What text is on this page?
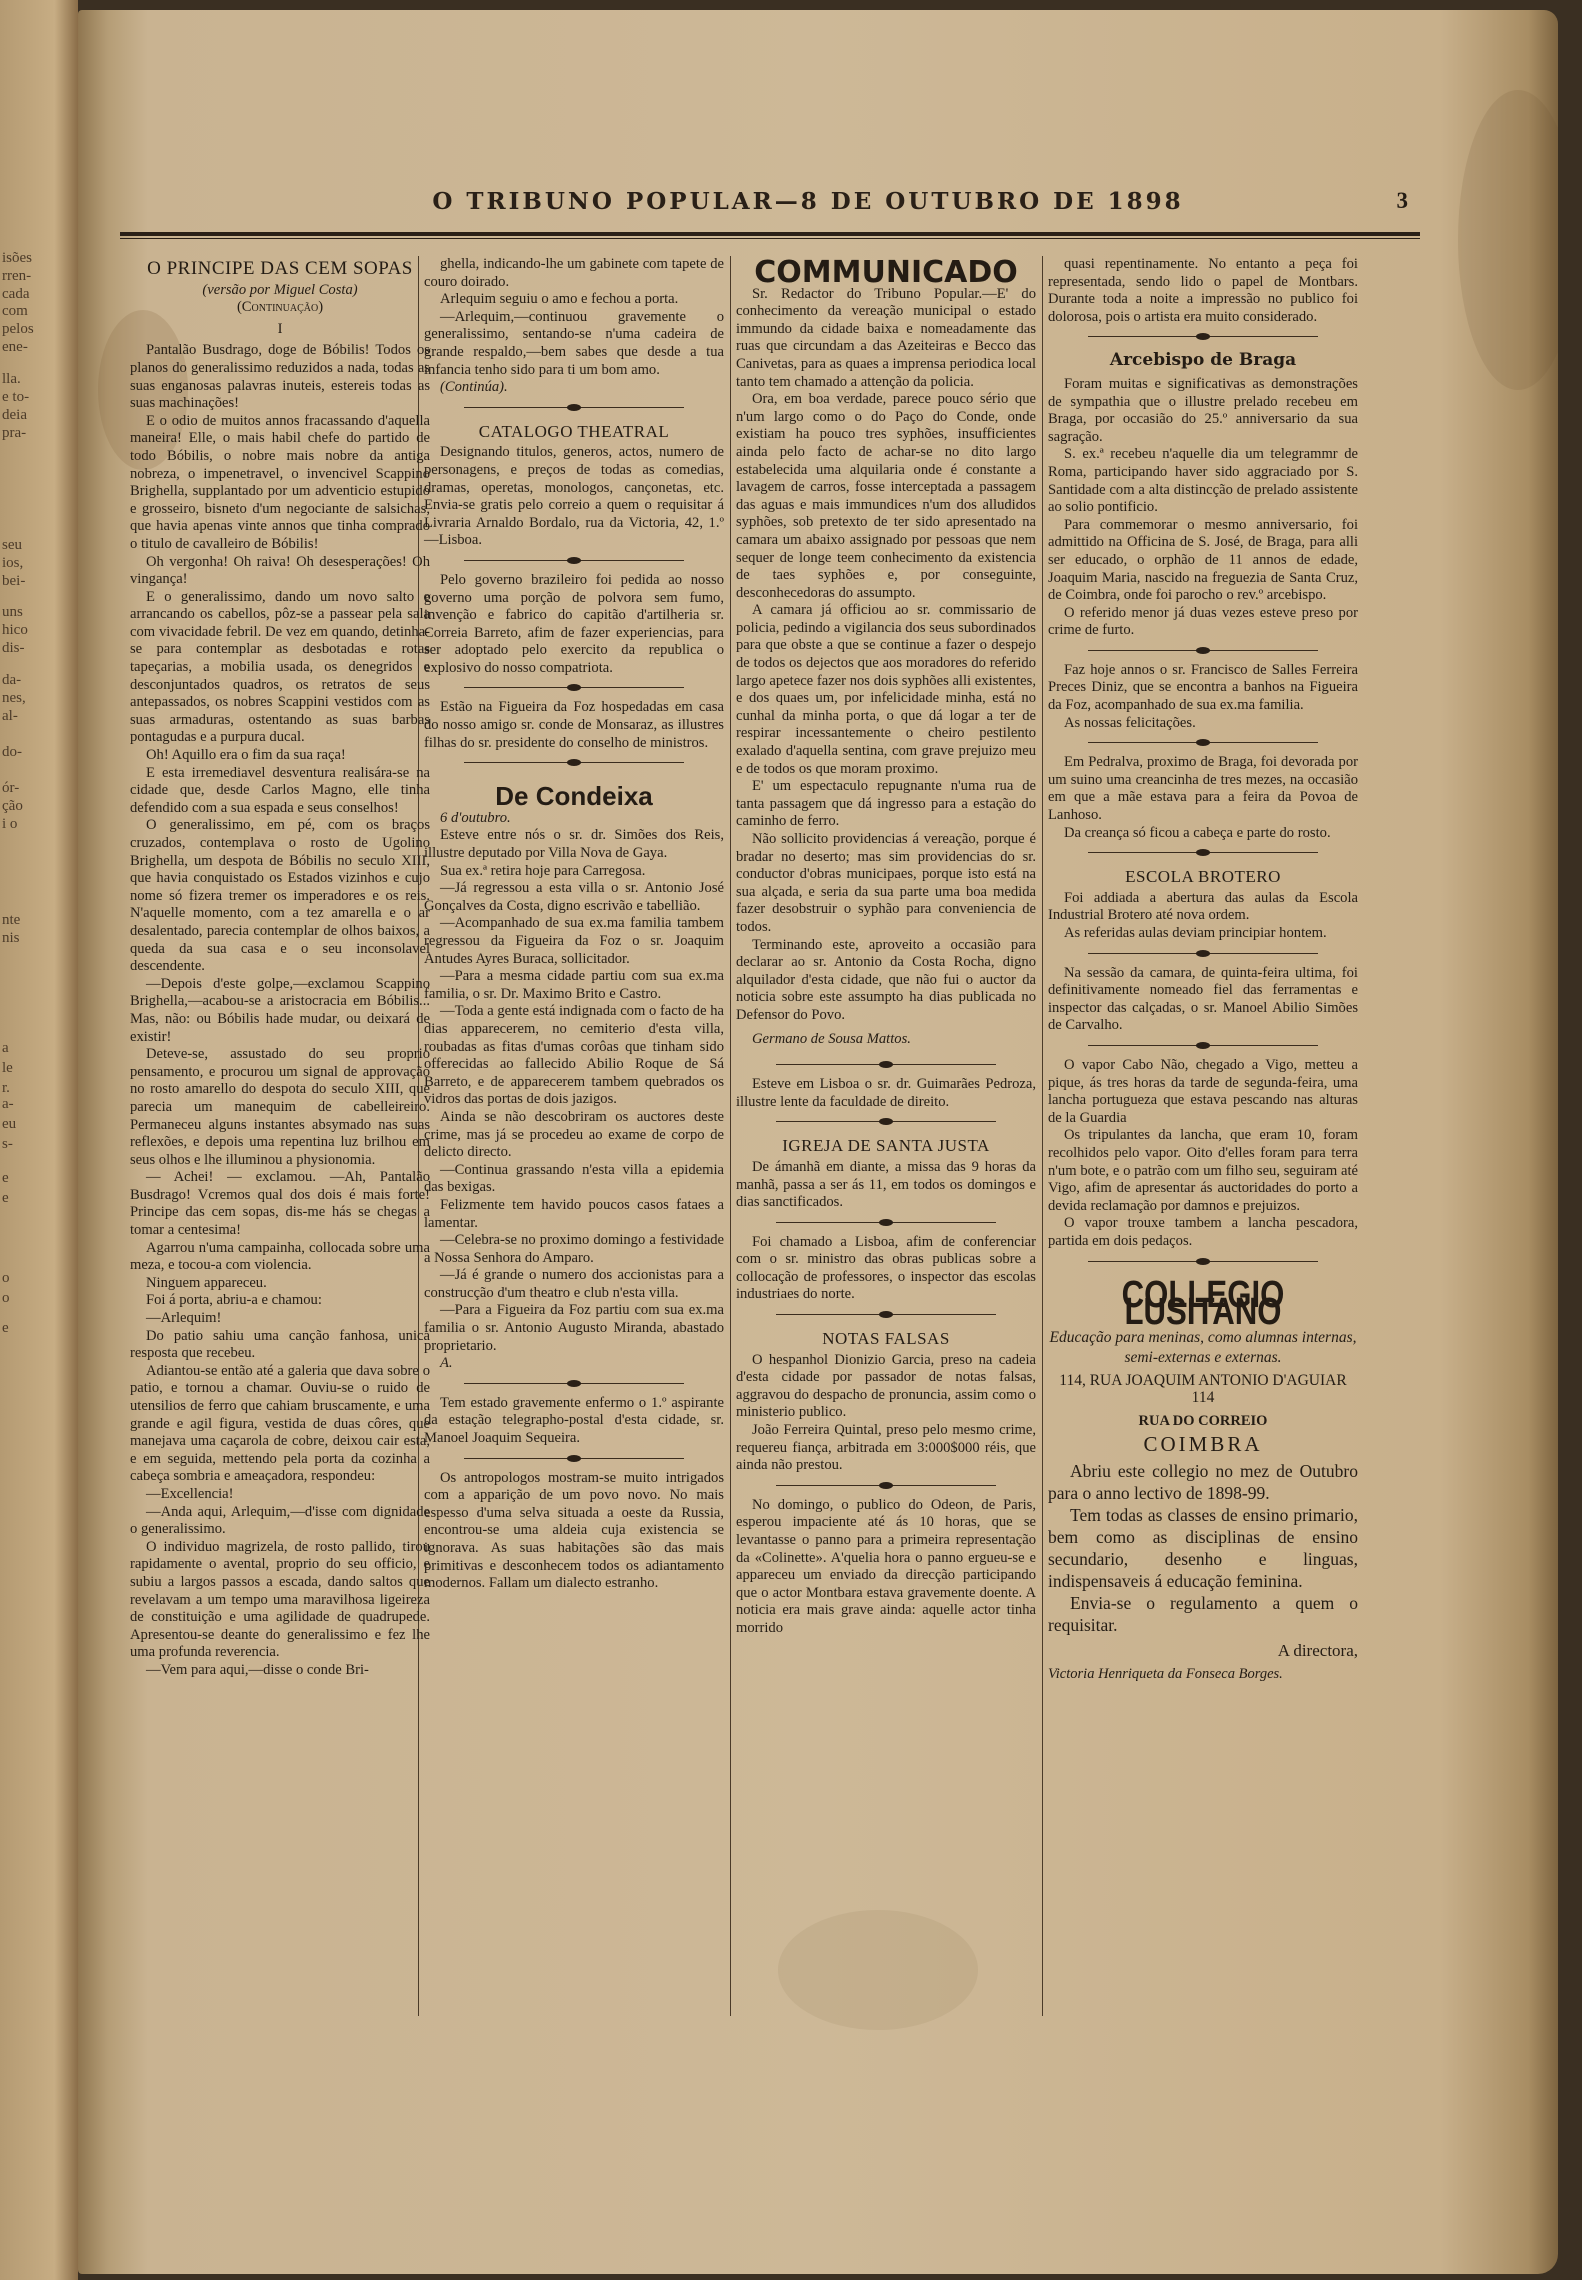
isões
rren-
cada
com
pelos
ene-
lla.
e to-
deia
pra-
seu
ios,
bei-
uns
hico
dis-
da-
nes,
al-
do-
ór-
ção
i o
nte
nis
a
le
r.
a-
eu
s-
e
e
o
o
e
O TRIBUNO POPULAR—8 DE OUTUBRO DE 1898	3
O PRINCIPE DAS CEM SOPAS
(versão por Miguel Costa)
(Continuação)
I

Pantalão Busdrago, doge de Bóbilis! Todos os planos do generalissimo reduzidos a nada, todas as suas enganosas palavras inuteis, estereis todas as suas machinações!

E o odio de muitos annos fracassando d'aquella maneira! Elle, o mais habil chefe do partido de todo Bóbilis, o nobre mais nobre da antiga nobreza, o impenetravel, o invencivel Scappino Brighella, supplantado por um adventicio estupido e grosseiro, bisneto d'um negociante de salsichas, que havia apenas vinte annos que tinha comprado o titulo de cavalleiro de Bóbilis!

Oh vergonha! Oh raiva! Oh desesperações! Oh vingança!

E o generalissimo, dando um novo salto e arrancando os cabellos, pôz-se a passear pela sala com vivacidade febril. De vez em quando, detinha-se para contemplar as desbotadas e rotas tapeçarias, a mobilia usada, os denegridos e desconjuntados quadros, os retratos de seus antepassados, os nobres Scappini vestidos com as suas armaduras, ostentando as suas barbas pontagudas e a purpura ducal.

Oh! Aquillo era o fim da sua raça!

E esta irremediavel desventura realisára-se na cidade que, desde Carlos Magno, elle tinha defendido com a sua espada e seus conselhos!

O generalissimo, em pé, com os braços cruzados, contemplava o rosto de Ugolino Brighella, um despota de Bóbilis no seculo XIII, que havia conquistado os Estados vizinhos e cujo nome só fizera tremer os imperadores e os reis. N'aquelle momento, com a tez amarella e o ar desalentado, parecia contemplar de olhos baixos, a queda da sua casa e o seu inconsolavel descendente.

—Depois d'este golpe,—exclamou Scappino Brighella,—acabou-se a aristocracia em Bóbilis... Mas, não: ou Bóbilis hade mudar, ou deixará de existir!

Deteve-se, assustado do seu proprio pensamento, e procurou um signal de approvação no rosto amarello do despota do seculo XIII, que parecia um manequim de cabelleireiro. Permaneceu alguns instantes absymado nas suas reflexões, e depois uma repentina luz brilhou em seus olhos e lhe illuminou a physionomia.

— Achei! — exclamou. —Ah, Pantalão Busdrago! Vcremos qual dos dois é mais forte! Principe das cem sopas, dis-me hás se chegas a tomar a centesima!

Agarrou n'uma campainha, collocada sobre uma meza, e tocou-a com violencia.

Ninguem appareceu.

Foi á porta, abriu-a e chamou:

—Arlequim!

Do patio sahiu uma canção fanhosa, unica resposta que recebeu.

Adiantou-se então até a galeria que dava sobre o patio, e tornou a chamar. Ouviu-se o ruido de utensilios de ferro que cahiam bruscamente, e uma grande e agil figura, vestida de duas côres, que manejava uma caçarola de cobre, deixou cair esta, e em seguida, mettendo pela porta da cozinha a cabeça sombria e ameaçadora, respondeu:

—Excellencia!

—Anda aqui, Arlequim,—d'isse com dignidade o generalissimo.

O individuo magrizela, de rosto pallido, tirou rapidamente o avental, proprio do seu officio, e subiu a largos passos a escada, dando saltos que revelavam a um tempo uma maravilhosa ligeireza de constituição e uma agilidade de quadrupede. Apresentou-se deante do generalissimo e fez lhe uma profunda reverencia.

—Vem para aqui,—disse o conde Bri-

ghella, indicando-lhe um gabinete com tapete de couro doirado.

Arlequim seguiu o amo e fechou a porta.

—Arlequim,—continuou gravemente o generalissimo, sentando-se n'uma cadeira de grande respaldo,—bem sabes que desde a tua infancia tenho sido para ti um bom amo.

(Continúa).

CATALOGO THEATRAL

Designando titulos, generos, actos, numero de personagens, e preços de todas as comedias, dramas, operetas, monologos, cançonetas, etc. Envia-se gratis pelo correio a quem o requisitar á Livraria Arnaldo Bordalo, rua da Victoria, 42, 1.º—Lisboa.

Pelo governo brazileiro foi pedida ao nosso governo uma porção de polvora sem fumo, invenção e fabrico do capitão d'artilheria sr. Correia Barreto, afim de fazer experiencias, para ser adoptado pelo exercito da republica o explosivo do nosso compatriota.

Estão na Figueira da Foz hospedadas em casa do nosso amigo sr. conde de Monsaraz, as illustres filhas do sr. presidente do conselho de ministros.

De Condeixa

6 d'outubro.

Esteve entre nós o sr. dr. Simões dos Reis, illustre deputado por Villa Nova de Gaya.

Sua ex.ª retira hoje para Carregosa.

—Já regressou a esta villa o sr. Antonio José Gonçalves da Costa, digno escrivão e tabellião.

—Acompanhado de sua ex.ma familia tambem regressou da Figueira da Foz o sr. Joaquim Antudes Ayres Buraca, sollicitador.

—Para a mesma cidade partiu com sua ex.ma familia, o sr. Dr. Maximo Brito e Castro.

—Toda a gente está indignada com o facto de ha dias apparecerem, no cemiterio d'esta villa, roubadas as fitas d'umas corôas que tinham sido offerecidas ao fallecido Abilio Roque de Sá Barreto, e de apparecerem tambem quebrados os vidros das portas de dois jazigos.

Ainda se não descobriram os auctores deste crime, mas já se procedeu ao exame de corpo de delicto directo.

—Continua grassando n'esta villa a epidemia das bexigas.

Felizmente tem havido poucos casos fataes a lamentar.

—Celebra-se no proximo domingo a festividade a Nossa Senhora do Amparo.

—Já é grande o numero dos accionistas para a construcção d'um theatro e club n'esta villa.

—Para a Figueira da Foz partiu com sua ex.ma familia o sr. Antonio Augusto Miranda, abastado proprietario.

A.

Tem estado gravemente enfermo o 1.º aspirante da estação telegrapho-postal d'esta cidade, sr. Manoel Joaquim Sequeira.

Os antropologos mostram-se muito intrigados com a apparição de um povo novo. No mais espesso d'uma selva situada a oeste da Russia, encontrou-se uma aldeia cuja existencia se ignorava. As suas habitações são das mais primitivas e desconhecem todos os adiantamento modernos. Fallam um dialecto estranho.

COMMUNICADO

Sr. Redactor do Tribuno Popular.—E' do conhecimento da vereação municipal o estado immundo da cidade baixa e nomeadamente das ruas que circundam a das Azeiteiras e Becco das Canivetas, para as quaes a imprensa periodica local tanto tem chamado a attenção da policia.

Ora, em boa verdade, parece pouco sério que n'um largo como o do Paço do Conde, onde existiam ha pouco tres syphões, insufficientes ainda pelo facto de achar-se no dito largo estabelecida uma alquilaria onde é constante a lavagem de carros, fosse interceptada a passagem das aguas e mais immundices n'um dos alludidos syphões, sob pretexto de ter sido apresentado na camara um abaixo assignado por pessoas que nem sequer de longe teem conhecimento da existencia de taes syphões e, por conseguinte, desconhecedoras do assumpto.

A camara já officiou ao sr. commissario de policia, pedindo a vigilancia dos seus subordinados para que obste a que se continue a fazer o despejo de todos os dejectos que aos moradores do referido largo apetece fazer nos dois syphões alli existentes, e dos quaes um, por infelicidade minha, está no cunhal da minha porta, o que dá logar a ter de respirar incessantemente o cheiro pestilento exalado d'aquella sentina, com grave prejuizo meu e de todos os que moram proximo.

E' um espectaculo repugnante n'uma rua de tanta passagem que dá ingresso para a estação do caminho de ferro.

Não sollicito providencias á vereação, porque é bradar no deserto; mas sim providencias do sr. conductor d'obras municipaes, porque isto está na sua alçada, e seria da sua parte uma boa medida fazer desobstruir o syphão para conveniencia de todos.

Terminando este, aproveito a occasião para declarar ao sr. Antonio da Costa Rocha, digno alquilador d'esta cidade, que não fui o auctor da noticia sobre este assumpto ha dias publicada no Defensor do Povo.

Germano de Sousa Mattos.

Esteve em Lisboa o sr. dr. Guimarães Pedroza, illustre lente da faculdade de direito.

IGREJA DE SANTA JUSTA

De ámanhã em diante, a missa das 9 horas da manhã, passa a ser ás 11, em todos os domingos e dias sanctificados.

Foi chamado a Lisboa, afim de conferenciar com o sr. ministro das obras publicas sobre a collocação de professores, o inspector das escolas industriaes do norte.

NOTAS FALSAS

O hespanhol Dionizio Garcia, preso na cadeia d'esta cidade por passador de notas falsas, aggravou do despacho de pronuncia, assim como o ministerio publico.

João Ferreira Quintal, preso pelo mesmo crime, requereu fiança, arbitrada em 3:000$000 réis, que ainda não prestou.

No domingo, o publico do Odeon, de Paris, esperou impaciente até ás 10 horas, que se levantasse o panno para a primeira representação da «Colinette». A'quelia hora o panno ergueu-se e appareceu um enviado da direcção participando que o actor Montbara estava gravemente doente. A noticia era mais grave ainda: aquelle actor tinha morrido

quasi repentinamente. No entanto a peça foi representada, sendo lido o papel de Montbars. Durante toda a noite a impressão no publico foi dolorosa, pois o artista era muito considerado.

Arcebispo de Braga

Foram muitas e significativas as demonstrações de sympathia que o illustre prelado recebeu em Braga, por occasião do 25.º anniversario da sua sagração.

S. ex.ª recebeu n'aquelle dia um telegrammr de Roma, participando haver sido aggraciado por S. Santidade com a alta distincção de prelado assistente ao solio pontificio.

Para commemorar o mesmo anniversario, foi admittido na Officina de S. José, de Braga, para alli ser educado, o orphão de 11 annos de edade, Joaquim Maria, nascido na freguezia de Santa Cruz, de Coimbra, onde foi parocho o rev.º arcebispo.

O referido menor já duas vezes esteve preso por crime de furto.

Faz hoje annos o sr. Francisco de Salles Ferreira Preces Diniz, que se encontra a banhos na Figueira da Foz, acompanhado de sua ex.ma familia.

As nossas felicitações.

Em Pedralva, proximo de Braga, foi devorada por um suino uma creancinha de tres mezes, na occasião em que a mãe estava para a feira da Povoa de Lanhoso.

Da creança só ficou a cabeça e parte do rosto.

ESCOLA BROTERO

Foi addiada a abertura das aulas da Escola Industrial Brotero até nova ordem.

As referidas aulas deviam principiar hontem.

Na sessão da camara, de quinta-feira ultima, foi definitivamente nomeado fiel das ferramentas e inspector das calçadas, o sr. Manoel Abilio Simões de Carvalho.

O vapor Cabo Não, chegado a Vigo, metteu a pique, ás tres horas da tarde de segunda-feira, uma lancha portugueza que estava pescando nas alturas de la Guardia

Os tripulantes da lancha, que eram 10, foram recolhidos pelo vapor. Oito d'elles foram para terra n'um bote, e o patrão com um filho seu, seguiram até Vigo, afim de apresentar ás auctoridades do porto a devida reclamação por damnos e prejuizos.

O vapor trouxe tambem a lancha pescadora, partida em dois pedaços.

COLLEGIO LUSITANO
Educação para meninas, como alumnas internas, semi-externas e externas.
114, RUA JOAQUIM ANTONIO D'AGUIAR 114
RUA DO CORREIO
COIMBRA

Abriu este collegio no mez de Outubro para o anno lectivo de 1898-99.

Tem todas as classes de ensino primario, bem como as disciplinas de ensino secundario, desenho e linguas, indispensaveis á educação feminina.

Envia-se o regulamento a quem o requisitar.

A directora,
Victoria Henriqueta da Fonseca Borges.
